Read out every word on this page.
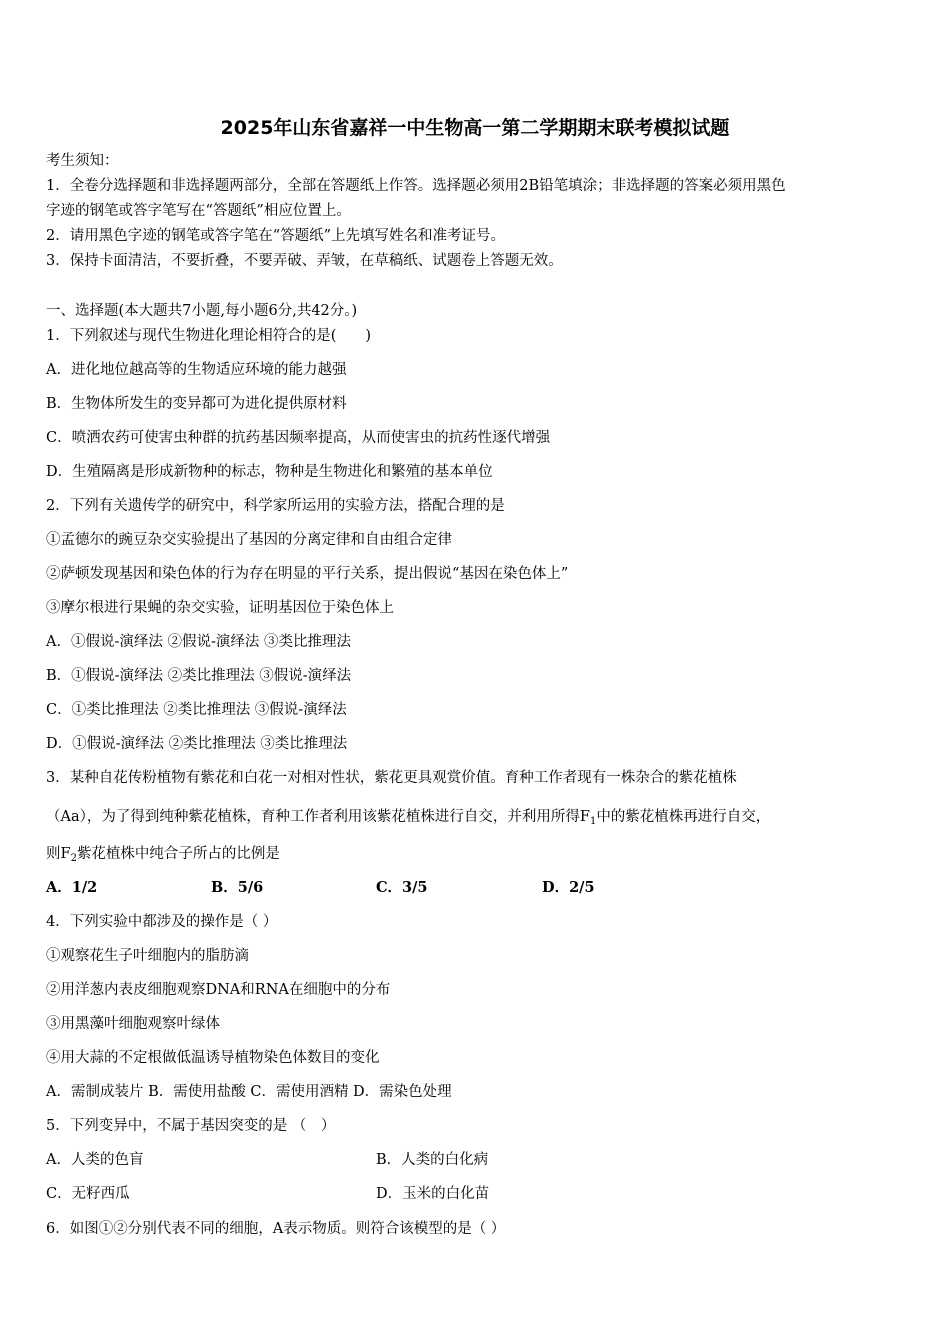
2025年山东省嘉祥一中生物高一第二学期期末联考模拟试题
考生须知：
1．全卷分选择题和非选择题两部分，全部在答题纸上作答。选择题必须用2B铅笔填涂；非选择题的答案必须用黑色
字迹的钢笔或答字笔写在“答题纸”相应位置上。
2．请用黑色字迹的钢笔或答字笔在“答题纸”上先填写姓名和准考证号。
3．保持卡面清洁，不要折叠，不要弄破、弄皱，在草稿纸、试题卷上答题无效。
一、选择题(本大题共7小题,每小题6分,共42分。)
1．下列叙述与现代生物进化理论相符合的是(　　)
A．进化地位越高等的生物适应环境的能力越强
B．生物体所发生的变异都可为进化提供原材料
C．喷洒农药可使害虫种群的抗药基因频率提高，从而使害虫的抗药性逐代增强
D．生殖隔离是形成新物种的标志，物种是生物进化和繁殖的基本单位
2．下列有关遗传学的研究中，科学家所运用的实验方法，搭配合理的是
①孟德尔的豌豆杂交实验提出了基因的分离定律和自由组合定律
②萨顿发现基因和染色体的行为存在明显的平行关系，提出假说“基因在染色体上”
③摩尔根进行果蝇的杂交实验，证明基因位于染色体上
A．①假说-演绎法 ②假说-演绎法 ③类比推理法
B．①假说-演绎法 ②类比推理法 ③假说-演绎法
C．①类比推理法 ②类比推理法 ③假说-演绎法
D．①假说-演绎法 ②类比推理法 ③类比推理法
3．某种自花传粉植物有紫花和白花一对相对性状，紫花更具观赏价值。育种工作者现有一株杂合的紫花植株
（Aa），为了得到纯种紫花植株，育种工作者利用该紫花植株进行自交，并利用所得$F_1$中的紫花植株再进行自交，
则$F_2$紫花植株中纯合子所占的比例是
A．1/2	B．5/6	C．3/5	D．2/5
4．下列实验中都涉及的操作是（ ）
①观察花生子叶细胞内的脂肪滴
②用洋葱内表皮细胞观察DNA和RNA在细胞中的分布
③用黑藻叶细胞观察叶绿体
④用大蒜的不定根做低温诱导植物染色体数目的变化
A．需制成装片 B．需使用盐酸 C．需使用酒精 D．需染色处理
5．下列变异中，不属于基因突变的是 （　）
A．人类的色盲	B．人类的白化病
C．无籽西瓜	D．玉米的白化苗
6．如图①②分别代表不同的细胞，A表示物质。则符合该模型的是（ ）
